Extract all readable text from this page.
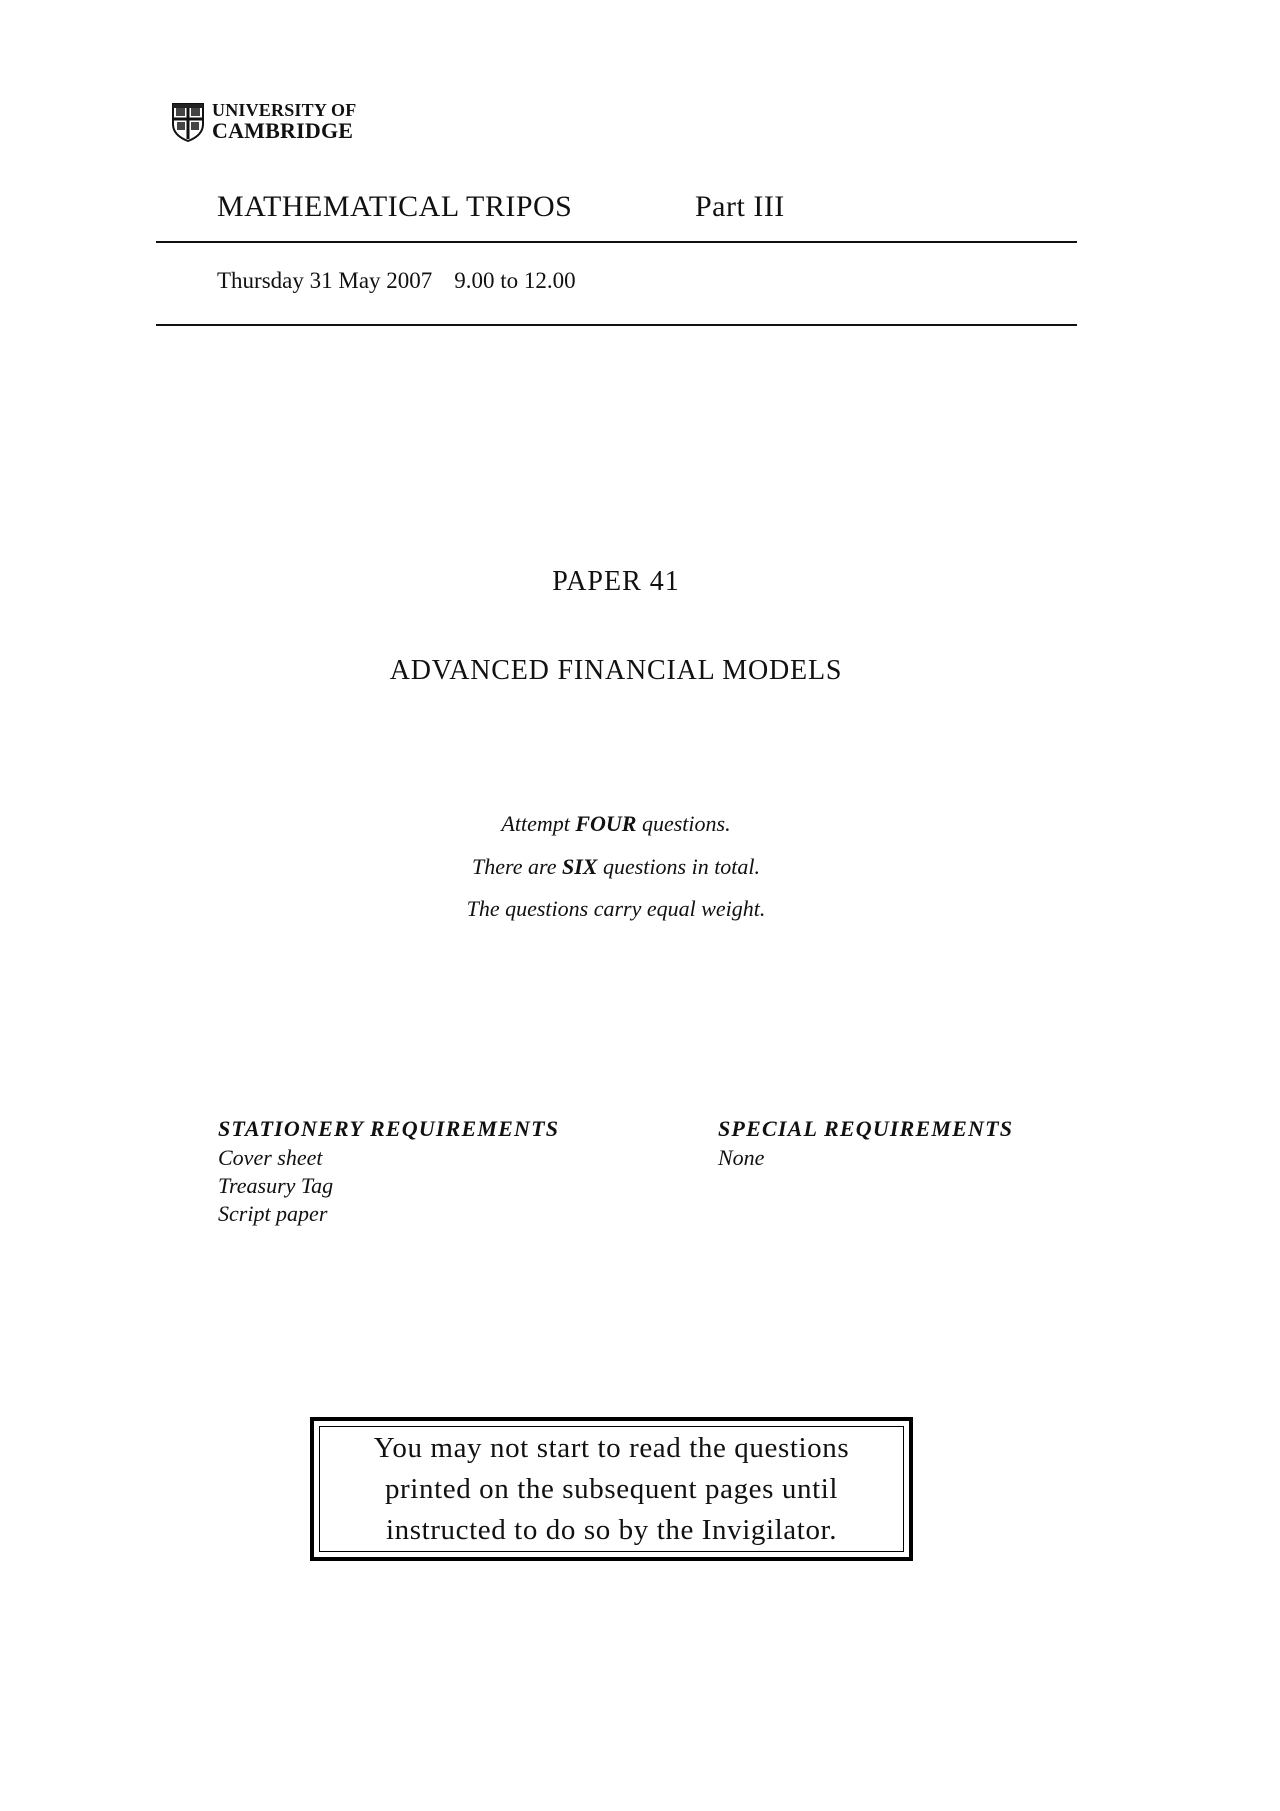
UNIVERSITY OF
CAMBRIDGE
MATHEMATICAL TRIPOS	Part III
Thursday 31 May 2007 9.00 to 12.00
PAPER 41
ADVANCED FINANCIAL MODELS
Attempt FOUR questions.
There are SIX questions in total.
The questions carry equal weight.
STATIONERY REQUIREMENTS
Cover sheet
Treasury Tag
Script paper
SPECIAL REQUIREMENTS
None
You may not start to read the questions
printed on the subsequent pages until
instructed to do so by the Invigilator.
